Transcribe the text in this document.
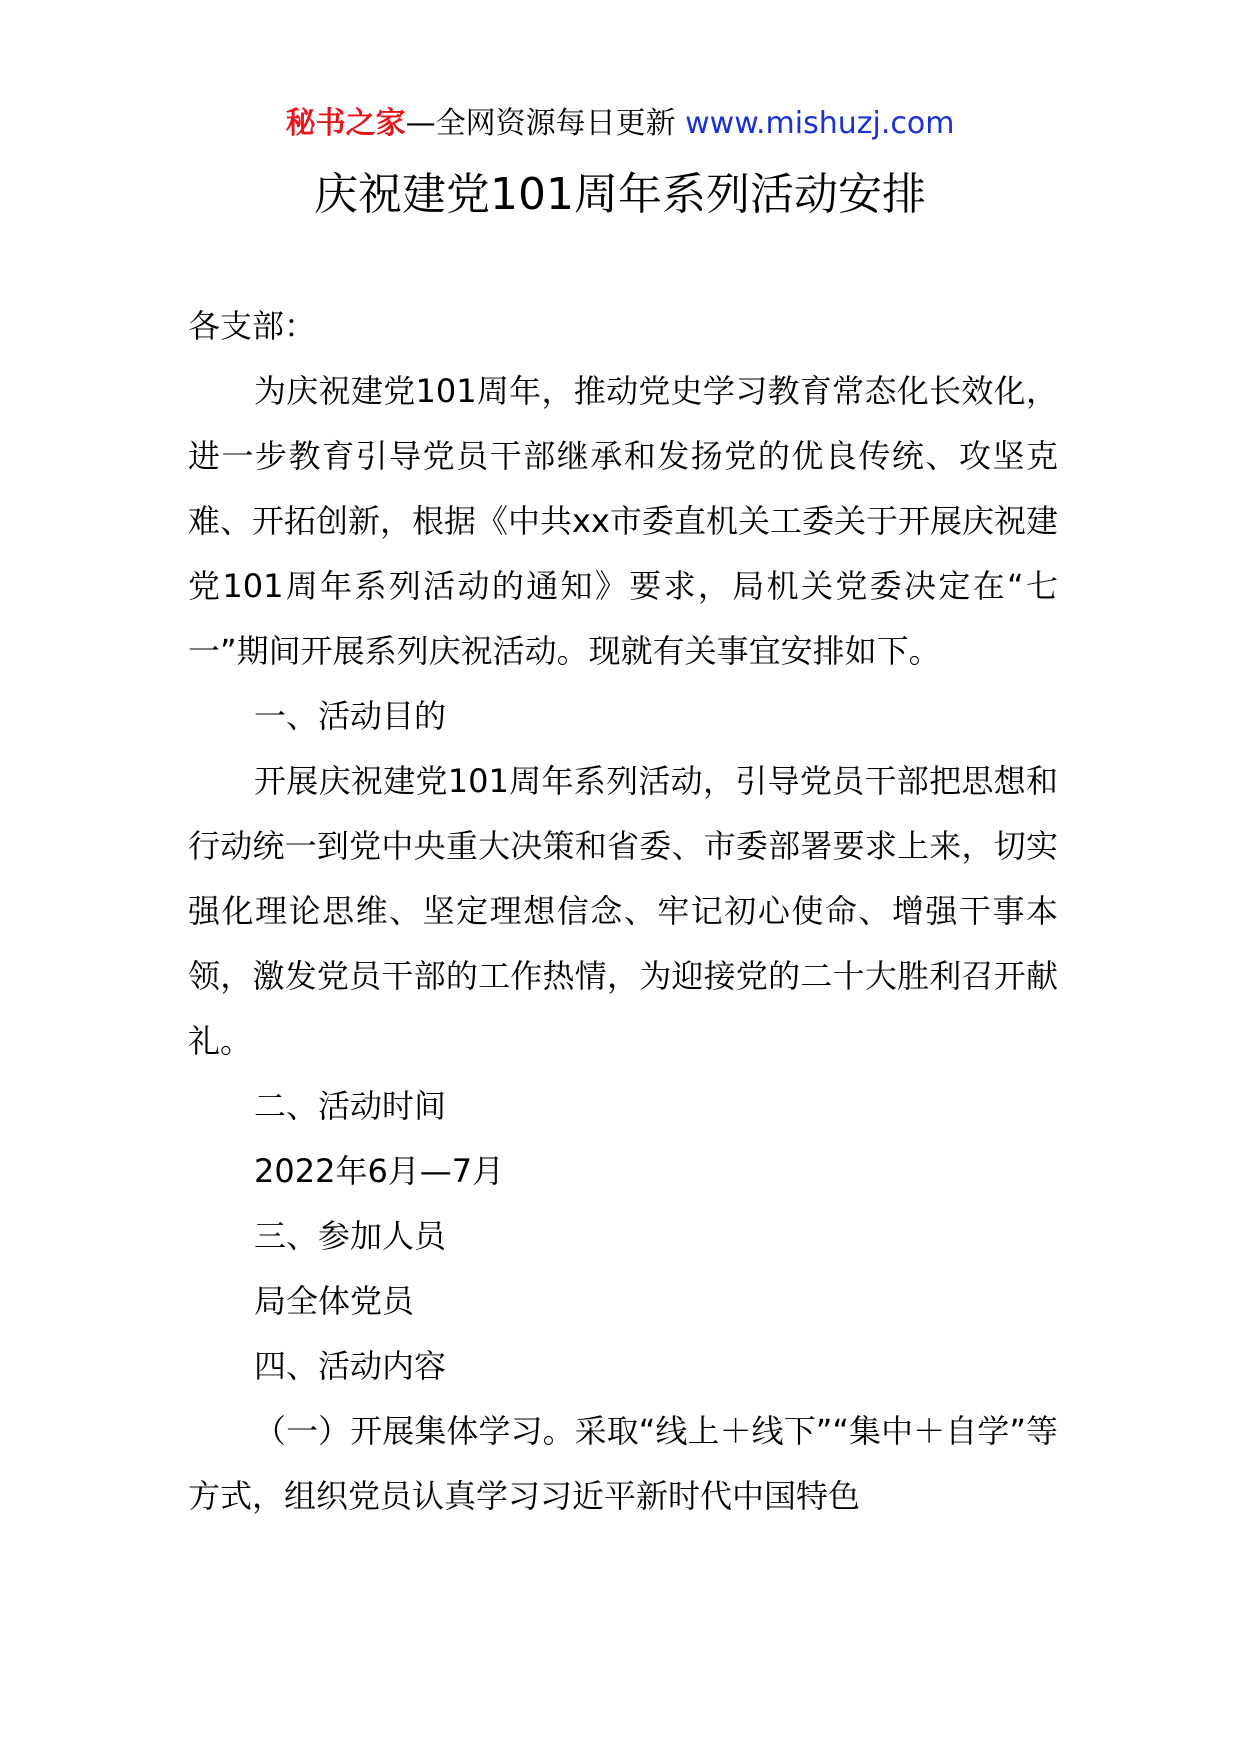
秘书之家—全网资源每日更新 www.mishuzj.com
庆祝建党101周年系列活动安排

各支部：

为庆祝建党101周年，推动党史学习教育常态化长效化，进一步教育引导党员干部继承和发扬党的优良传统、攻坚克难、开拓创新，根据《中共xx市委直机关工委关于开展庆祝建党101周年系列活动的通知》要求，局机关党委决定在“七一”期间开展系列庆祝活动。现就有关事宜安排如下。

一、活动目的

开展庆祝建党101周年系列活动，引导党员干部把思想和行动统一到党中央重大决策和省委、市委部署要求上来，切实强化理论思维、坚定理想信念、牢记初心使命、增强干事本领，激发党员干部的工作热情，为迎接党的二十大胜利召开献礼。

二、活动时间

2022年6月—7月

三、参加人员

局全体党员

四、活动内容

（一）开展集体学习。采取“线上＋线下”“集中＋自学”等方式，组织党员认真学习习近平新时代中国特色
